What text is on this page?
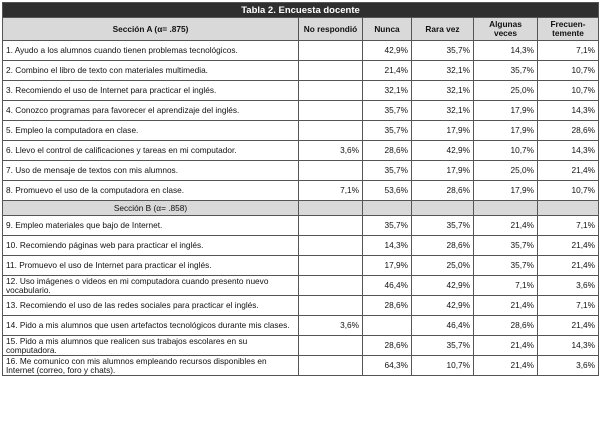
Tabla 2. Encuesta docente					
Sección A (α= .875)	No respondió	Nunca	Rara vez	Algunas veces	Frecuen-temente
1. Ayudo a los alumnos cuando tienen problemas tecnológicos.		42,9%	35,7%	14,3%	7,1%
2. Combino el libro de texto con materiales multimedia.		21,4%	32,1%	35,7%	10,7%
3. Recomiendo el uso de Internet para practicar el inglés.		32,1%	32,1%	25,0%	10,7%
4. Conozco programas para favorecer el aprendizaje del inglés.		35,7%	32,1%	17,9%	14,3%
5. Empleo la computadora en clase.		35,7%	17,9%	17,9%	28,6%
6. Llevo el control de calificaciones y tareas en mi computador.	3,6%	28,6%	42,9%	10,7%	14,3%
7. Uso de mensaje de textos con mis alumnos.		35,7%	17,9%	25,0%	21,4%
8. Promuevo el uso de la computadora en clase.	7,1%	53,6%	28,6%	17,9%	10,7%
Sección B (α= .858)					
9. Empleo materiales que bajo de Internet.		35,7%	35,7%	21,4%	7,1%
10. Recomiendo páginas web para practicar el inglés.		14,3%	28,6%	35,7%	21,4%
11. Promuevo el uso de Internet para practicar el inglés.		17,9%	25,0%	35,7%	21,4%
12. Uso imágenes o videos en mi computadora cuando presento nuevo vocabulario.		46,4%	42,9%	7,1%	3,6%
13. Recomiendo el uso de las redes sociales para practicar el inglés.		28,6%	42,9%	21,4%	7,1%
14. Pido a mis alumnos que usen artefactos tecnológicos durante mis clases.	3,6%		46,4%	28,6%	21,4%
15. Pido a mis alumnos que realicen sus trabajos escolares en su computadora.		28,6%	35,7%	21,4%	14,3%
16. Me comunico con mis alumnos empleando recursos disponibles en Internet (correo, foro y chats).		64,3%	10,7%	21,4%	3,6%
